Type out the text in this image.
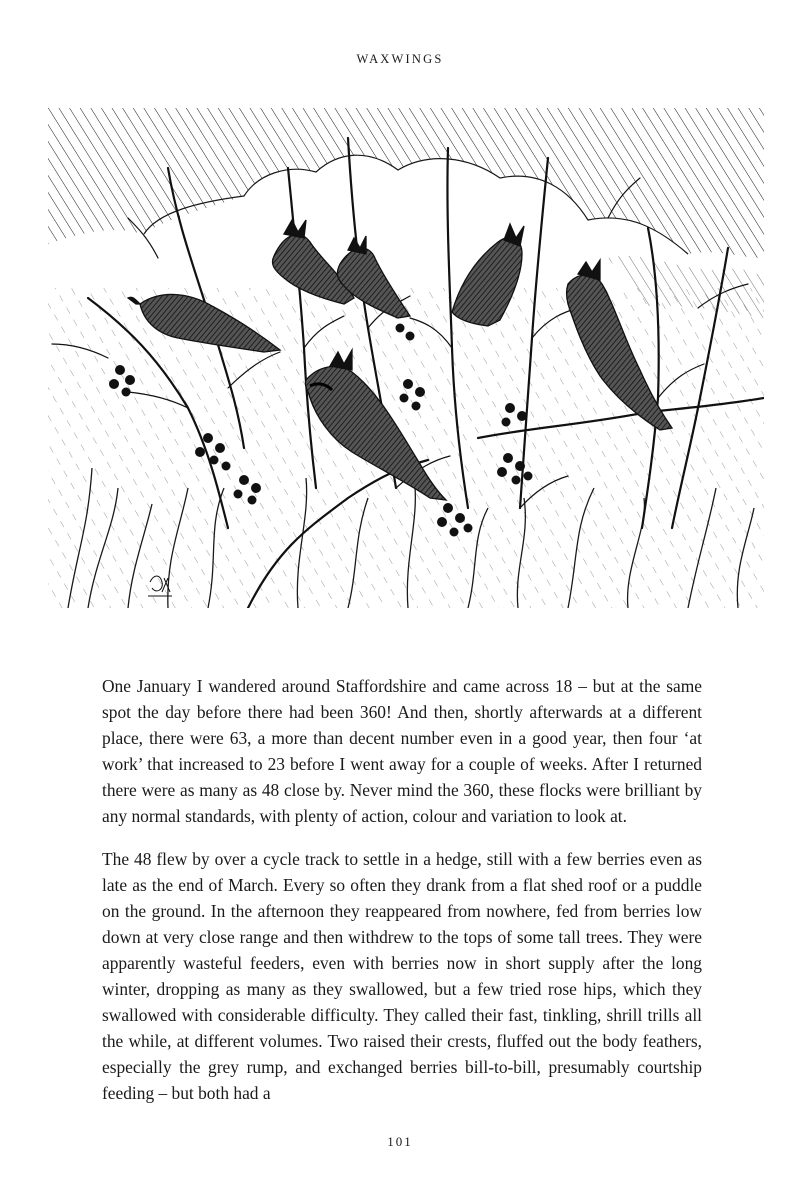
WAXWINGS

One January I wandered around Staffordshire and came across 18 – but at the same spot the day before there had been 360! And then, shortly afterwards at a different place, there were 63, a more than decent number even in a good year, then four ‘at work’ that increased to 23 before I went away for a couple of weeks. After I returned there were as many as 48 close by. Never mind the 360, these flocks were brilliant by any normal standards, with plenty of action, colour and variation to look at.

The 48 flew by over a cycle track to settle in a hedge, still with a few berries even as late as the end of March. Every so often they drank from a flat shed roof or a puddle on the ground. In the afternoon they reappeared from nowhere, fed from berries low down at very close range and then withdrew to the tops of some tall trees. They were apparently wasteful feeders, even with berries now in short supply after the long winter, dropping as many as they swallowed, but a few tried rose hips, which they swallowed with considerable difficulty. They called their fast, tinkling, shrill trills all the while, at different volumes. Two raised their crests, fluffed out the body feathers, especially the grey rump, and exchanged berries bill-to-bill, presumably courtship feeding – but both had a

101
